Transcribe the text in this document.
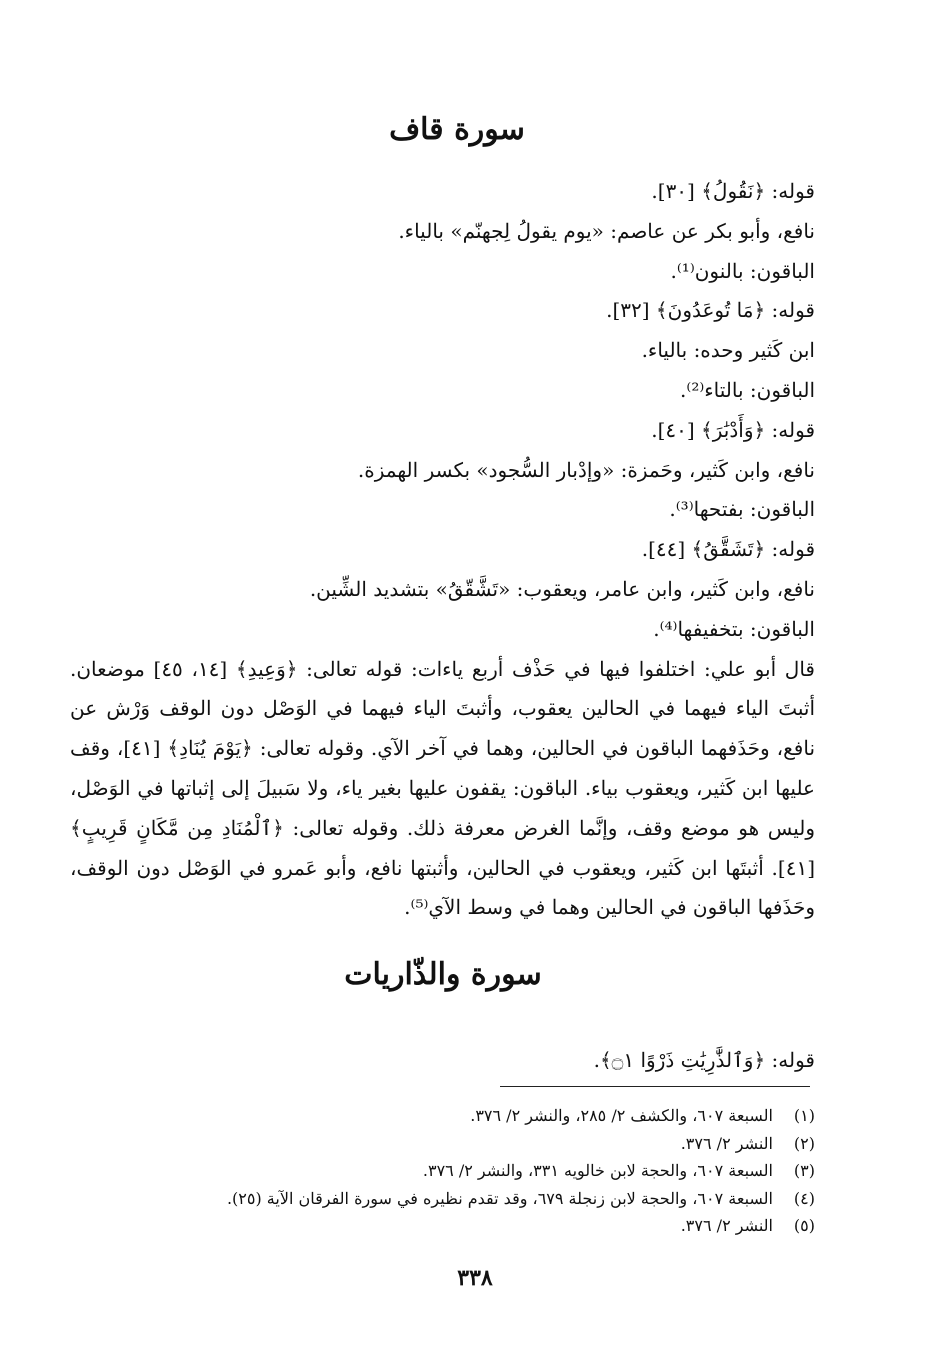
سورة قاف
قوله: ﴿نَقُولُ﴾ [٣٠].
نافع، وأبو بكر عن عاصم: «يوم يقولُ لِجهنّم» بالياء.
الباقون: بالنون⁽¹⁾.
قوله: ﴿مَا تُوعَدُونَ﴾ [٣٢].
ابن كَثير وحده: بالياء.
الباقون: بالتاء⁽²⁾.
قوله: ﴿وَأَدْبَٰرَ﴾ [٤٠].
نافع، وابن كَثير، وحَمزة: «وإدْبار السُّجود» بكسر الهمزة.
الباقون: بفتحها⁽³⁾.
قوله: ﴿تَشَقَّقُ﴾ [٤٤].
نافع، وابن كَثير، وابن عامر، ويعقوب: «تَشَّقّقُ» بتشديد الشِّين.
الباقون: بتخفيفها⁽⁴⁾.
قال أبو علي: اختلفوا فيها في حَذْف أربع ياءات: قوله تعالى: ﴿وَعِيدِ﴾ [١٤، ٤٥] موضعان. أثبتَ الياء فيهما في الحالين يعقوب، وأثبتَ الياء فيهما في الوَصْل دون الوقف وَرْش عن نافع، وحَذَفهما الباقون في الحالين، وهما في آخر الآي. وقوله تعالى: ﴿يَوْمَ يُنَادِ﴾ [٤١]، وقف عليها ابن كَثير، ويعقوب بياء. الباقون: يقفون عليها بغير ياء، ولا سَبيلَ إلى إثباتها في الوَصْل، وليس هو موضع وقف، وإنَّما الغرض معرفة ذلك. وقوله تعالى: ﴿ٱلْمُنَادِ مِن مَّكَانٍ قَرِيبٍ﴾ [٤١]. أثبتَها ابن كَثير، ويعقوب في الحالين، وأثبتها نافع، وأبو عَمرو في الوَصْل دون الوقف، وحَذَفها الباقون في الحالين وهما في وسط الآي⁽⁵⁾.
سورة والذّاريات
قوله: ﴿وَٱلذَّٰرِيَٰتِ ذَرْوًا ۝١﴾.
(١)السبعة ٦٠٧، والكشف ٢/ ٢٨٥، والنشر ٢/ ٣٧٦.
(٢)النشر ٢/ ٣٧٦.
(٣)السبعة ٦٠٧، والحجة لابن خالويه ٣٣١، والنشر ٢/ ٣٧٦.
(٤)السبعة ٦٠٧، والحجة لابن زنجلة ٦٧٩، وقد تقدم نظيره في سورة الفرقان الآية (٢٥).
(٥)النشر ٢/ ٣٧٦.
٣٣٨
